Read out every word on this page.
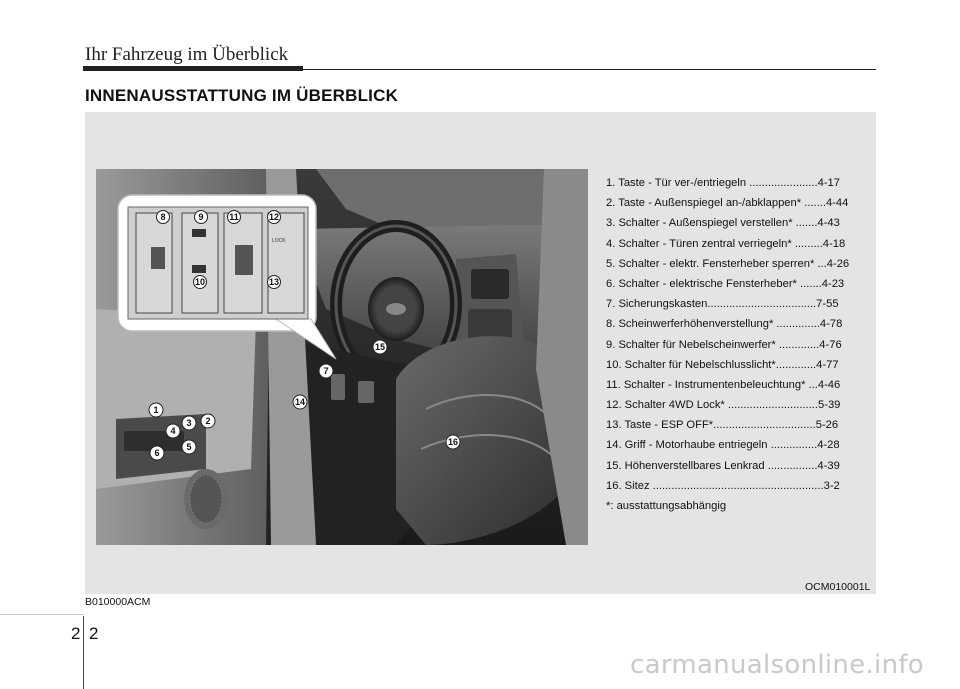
Ihr Fahrzeug im Überblick
INNENAUSSTATTUNG IM ÜBERBLICK
LOCK
8	9	11	12
10	13
1
2
3
4
5
6
7
14
15
16
1. Taste - Tür ver-/entriegeln ......................4-17
2. Taste - Außenspiegel an-/abklappen* .......4-44
3. Schalter - Außenspiegel verstellen* .......4-43
4. Schalter - Türen zentral verriegeln* .........4-18
5. Schalter - elektr. Fensterheber sperren* ...4-26
6. Schalter - elektrische Fensterheber* .......4-23
7. Sicherungskasten...................................7-55
8. Scheinwerferhöhenverstellung* ..............4-78
9. Schalter für Nebelscheinwerfer* .............4-76
10. Schalter für Nebelschlusslicht*.............4-77
11. Schalter - Instrumentenbeleuchtung* ...4-46
12. Schalter 4WD Lock* .............................5-39
13. Taste - ESP OFF*.................................5-26
14. Griff - Motorhaube entriegeln ...............4-28
15. Höhenverstellbares Lenkrad ................4-39
16. Sitez .......................................................3-2
*: ausstattungsabhängig
OCM010001L
B010000ACM
2 2
carmanualsonline.info
